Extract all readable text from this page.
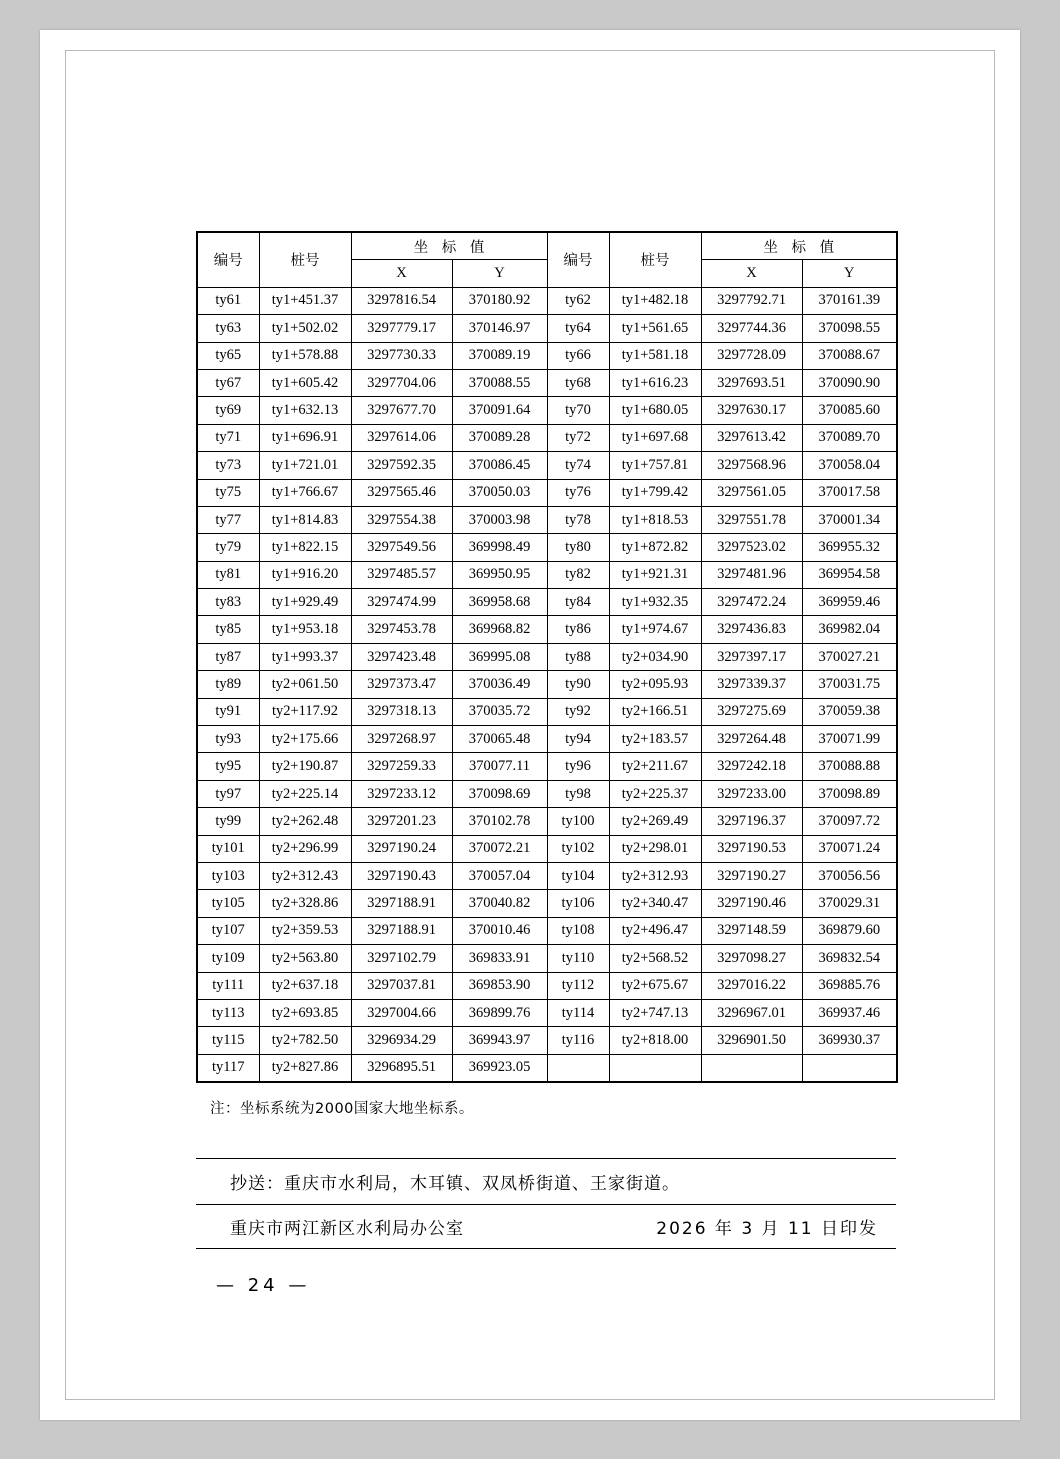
编号	桩号	坐 标 值		编号	桩号	坐 标 值	
		X	Y			X	Y
ty61	ty1+451.37	3297816.54	370180.92	ty62	ty1+482.18	3297792.71	370161.39
ty63	ty1+502.02	3297779.17	370146.97	ty64	ty1+561.65	3297744.36	370098.55
ty65	ty1+578.88	3297730.33	370089.19	ty66	ty1+581.18	3297728.09	370088.67
ty67	ty1+605.42	3297704.06	370088.55	ty68	ty1+616.23	3297693.51	370090.90
ty69	ty1+632.13	3297677.70	370091.64	ty70	ty1+680.05	3297630.17	370085.60
ty71	ty1+696.91	3297614.06	370089.28	ty72	ty1+697.68	3297613.42	370089.70
ty73	ty1+721.01	3297592.35	370086.45	ty74	ty1+757.81	3297568.96	370058.04
ty75	ty1+766.67	3297565.46	370050.03	ty76	ty1+799.42	3297561.05	370017.58
ty77	ty1+814.83	3297554.38	370003.98	ty78	ty1+818.53	3297551.78	370001.34
ty79	ty1+822.15	3297549.56	369998.49	ty80	ty1+872.82	3297523.02	369955.32
ty81	ty1+916.20	3297485.57	369950.95	ty82	ty1+921.31	3297481.96	369954.58
ty83	ty1+929.49	3297474.99	369958.68	ty84	ty1+932.35	3297472.24	369959.46
ty85	ty1+953.18	3297453.78	369968.82	ty86	ty1+974.67	3297436.83	369982.04
ty87	ty1+993.37	3297423.48	369995.08	ty88	ty2+034.90	3297397.17	370027.21
ty89	ty2+061.50	3297373.47	370036.49	ty90	ty2+095.93	3297339.37	370031.75
ty91	ty2+117.92	3297318.13	370035.72	ty92	ty2+166.51	3297275.69	370059.38
ty93	ty2+175.66	3297268.97	370065.48	ty94	ty2+183.57	3297264.48	370071.99
ty95	ty2+190.87	3297259.33	370077.11	ty96	ty2+211.67	3297242.18	370088.88
ty97	ty2+225.14	3297233.12	370098.69	ty98	ty2+225.37	3297233.00	370098.89
ty99	ty2+262.48	3297201.23	370102.78	ty100	ty2+269.49	3297196.37	370097.72
ty101	ty2+296.99	3297190.24	370072.21	ty102	ty2+298.01	3297190.53	370071.24
ty103	ty2+312.43	3297190.43	370057.04	ty104	ty2+312.93	3297190.27	370056.56
ty105	ty2+328.86	3297188.91	370040.82	ty106	ty2+340.47	3297190.46	370029.31
ty107	ty2+359.53	3297188.91	370010.46	ty108	ty2+496.47	3297148.59	369879.60
ty109	ty2+563.80	3297102.79	369833.91	ty110	ty2+568.52	3297098.27	369832.54
ty111	ty2+637.18	3297037.81	369853.90	ty112	ty2+675.67	3297016.22	369885.76
ty113	ty2+693.85	3297004.66	369899.76	ty114	ty2+747.13	3296967.01	369937.46
ty115	ty2+782.50	3296934.29	369943.97	ty116	ty2+818.00	3296901.50	369930.37
ty117	ty2+827.86	3296895.51	369923.05				
注：坐标系统为2000国家大地坐标系。
抄送：重庆市水利局，木耳镇、双凤桥街道、王家街道。
重庆市两江新区水利局办公室	2026 年 3 月 11 日印发
— 24 —
